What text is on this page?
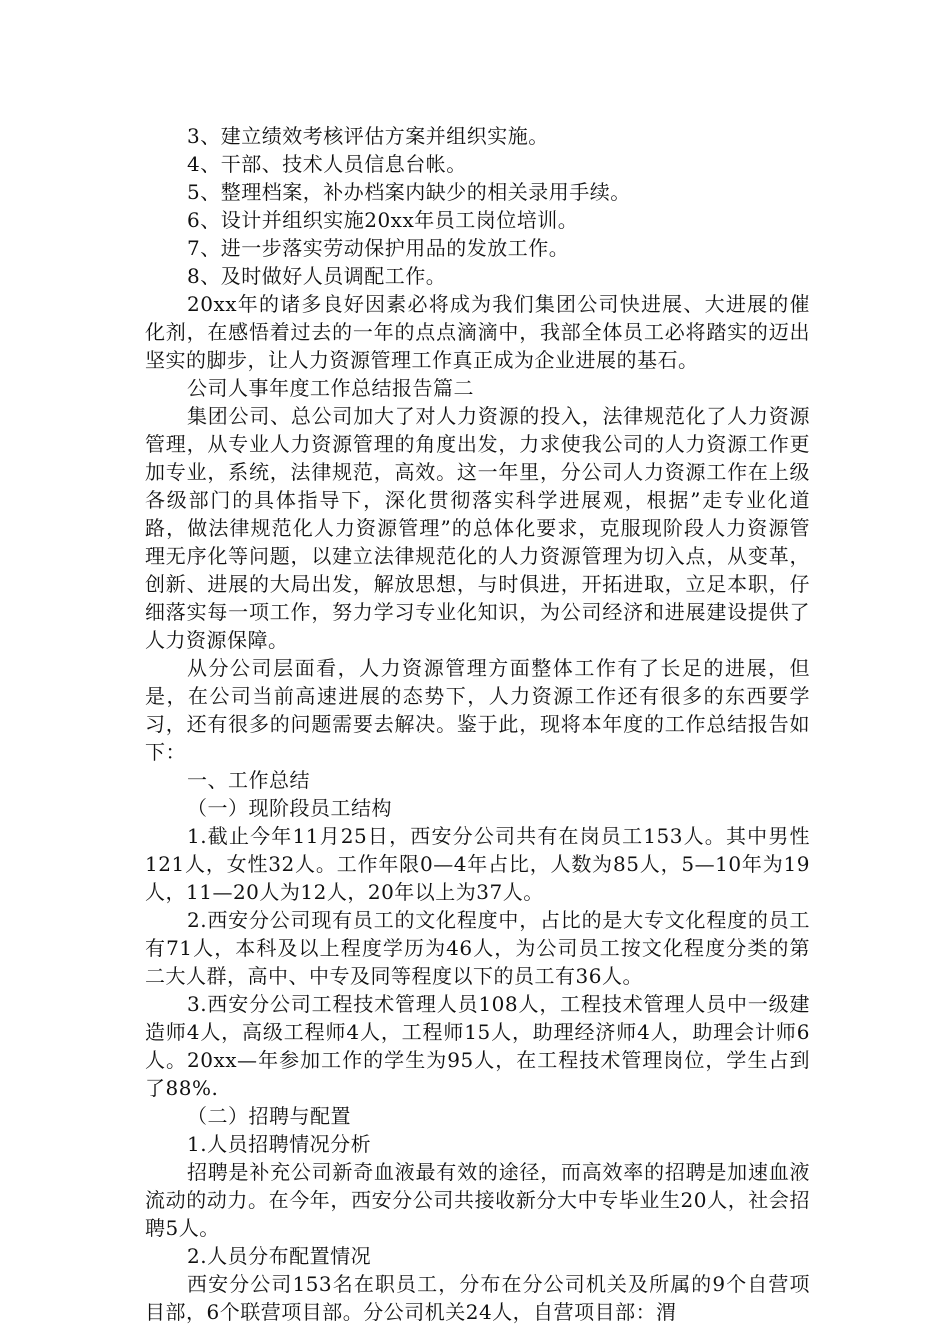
3、建立绩效考核评估方案并组织实施。

4、干部、技术人员信息台帐。

5、整理档案，补办档案内缺少的相关录用手续。

6、设计并组织实施20xx年员工岗位培训。

7、进一步落实劳动保护用品的发放工作。

8、及时做好人员调配工作。

20xx年的诸多良好因素必将成为我们集团公司快进展、大进展的催化剂，在感悟着过去的一年的点点滴滴中，我部全体员工必将踏实的迈出坚实的脚步，让人力资源管理工作真正成为企业进展的基石。

公司人事年度工作总结报告篇二

集团公司、总公司加大了对人力资源的投入，法律规范化了人力资源管理，从专业人力资源管理的角度出发，力求使我公司的人力资源工作更加专业，系统，法律规范，高效。这一年里，分公司人力资源工作在上级各级部门的具体指导下，深化贯彻落实科学进展观，根据”走专业化道路，做法律规范化人力资源管理”的总体化要求，克服现阶段人力资源管理无序化等问题，以建立法律规范化的人力资源管理为切入点，从变革，创新、进展的大局出发，解放思想，与时俱进，开拓进取，立足本职，仔细落实每一项工作，努力学习专业化知识，为公司经济和进展建设提供了人力资源保障。

从分公司层面看，人力资源管理方面整体工作有了长足的进展，但是，在公司当前高速进展的态势下，人力资源工作还有很多的东西要学习，还有很多的问题需要去解决。鉴于此，现将本年度的工作总结报告如下：

一、工作总结

（一）现阶段员工结构

1.截止今年11月25日，西安分公司共有在岗员工153人。其中男性121人，女性32人。工作年限0—4年占比，人数为85人，5—10年为19人，11—20人为12人，20年以上为37人。

2.西安分公司现有员工的文化程度中，占比的是大专文化程度的员工有71人，本科及以上程度学历为46人，为公司员工按文化程度分类的第二大人群，高中、中专及同等程度以下的员工有36人。

3.西安分公司工程技术管理人员108人，工程技术管理人员中一级建造师4人，高级工程师4人，工程师15人，助理经济师4人，助理会计师6人。20xx—年参加工作的学生为95人，在工程技术管理岗位，学生占到了88%.

（二）招聘与配置

1.人员招聘情况分析

招聘是补充公司新奇血液最有效的途径，而高效率的招聘是加速血液流动的动力。在今年，西安分公司共接收新分大中专毕业生20人，社会招聘5人。

2.人员分布配置情况

西安分公司153名在职员工，分布在分公司机关及所属的9个自营项目部，6个联营项目部。分公司机关24人，自营项目部：渭
